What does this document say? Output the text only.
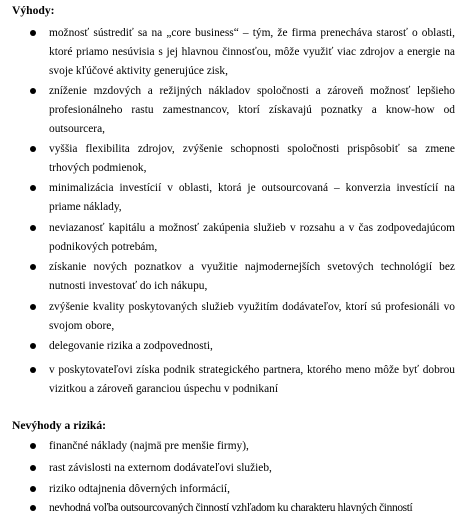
Výhody:
možnosť sústrediť sa na „core business“ – tým, že firma prenecháva starosť o oblasti, ktoré priamo nesúvisia s jej hlavnou činnosťou, môže využiť viac zdrojov a energie na svoje kľúčové aktivity generujúce zisk,
zníženie mzdových a režijných nákladov spoločnosti a zároveň možnosť lepšieho profesionálneho rastu zamestnancov, ktorí získavajú poznatky a know-how od outsourcera,
vyššia flexibilita zdrojov, zvýšenie schopnosti spoločnosti prispôsobiť sa zmene trhových podmienok,
minimalizácia investícií v oblasti, ktorá je outsourcovaná – konverzia investícií na priame náklady,
neviazanosť kapitálu a možnosť zakúpenia služieb v rozsahu a v čas zodpovedajúcom podnikových potrebám,
získanie nových poznatkov a využitie najmodernejších svetových technológií bez nutnosti investovať do ich nákupu,
zvýšenie kvality poskytovaných služieb využitím dodávateľov, ktorí sú profesionáli vo svojom obore,
delegovanie rizika a zodpovednosti,
v poskytovateľovi získa podnik strategického partnera, ktorého meno môže byť dobrou vizitkou a zároveň garanciou úspechu v podnikaní
Nevýhody a riziká:
finančné náklady (najmä pre menšie firmy),
rast závislosti na externom dodávateľovi služieb,
riziko odtajnenia dôverných informácií,
nevhodná voľba outsourcovaných činností vzhľadom ku charakteru hlavných činností
